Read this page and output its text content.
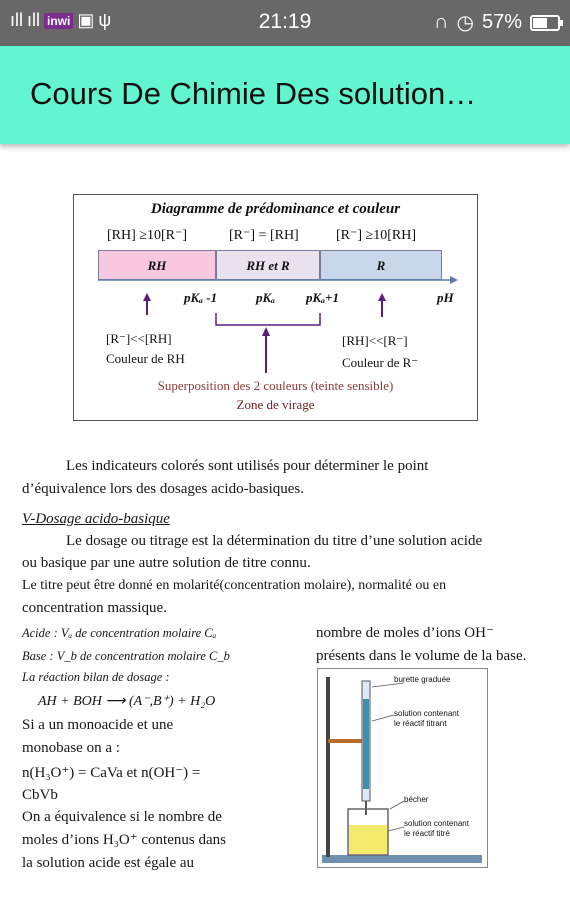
ıll ıll inwi ▣ ψ	21:19	∩ ◷ 57%
Cours De Chimie Des solution…
Diagramme de prédominance et couleur
[RH] ≥10[R⁻]	[R⁻] = [RH]	[R⁻] ≥10[RH]
RH	RH et R	R
pKₐ -1	pKₐ pKₐ+1	pH
[R⁻]<<[RH]
Couleur de RH
[RH]<<[R⁻]
Couleur de R⁻
Superposition des 2 couleurs (teinte sensible)
Zone de virage
Les indicateurs colorés sont utilisés pour déterminer le point
d’équivalence lors des dosages acido-basiques.
V-Dosage acido-basique
Le dosage ou titrage est la détermination du titre d’une solution acide
ou basique par une autre solution de titre connu.
Le titre peut être donné en molarité(concentration molaire), normalité ou en
concentration massique.
Acide : Vₐ de concentration molaire Cₐ
Base : V_b de concentration molaire C_b
La réaction bilan de dosage :
AH + BOH ⟶ (A⁻,B⁺) + H₂O
Si a un monoacide et une
monobase on a :
n(H₃O⁺) = CaVa et n(OH⁻) =
CbVb
On a équivalence si le nombre de
moles d’ions H₃O⁺ contenus dans
la solution acide est égale au
nombre de moles d’ions OH⁻
présents dans le volume de la base.
burette graduée
solution contenant
le réactif titrant
bécher
solution contenant
le réactif titré
